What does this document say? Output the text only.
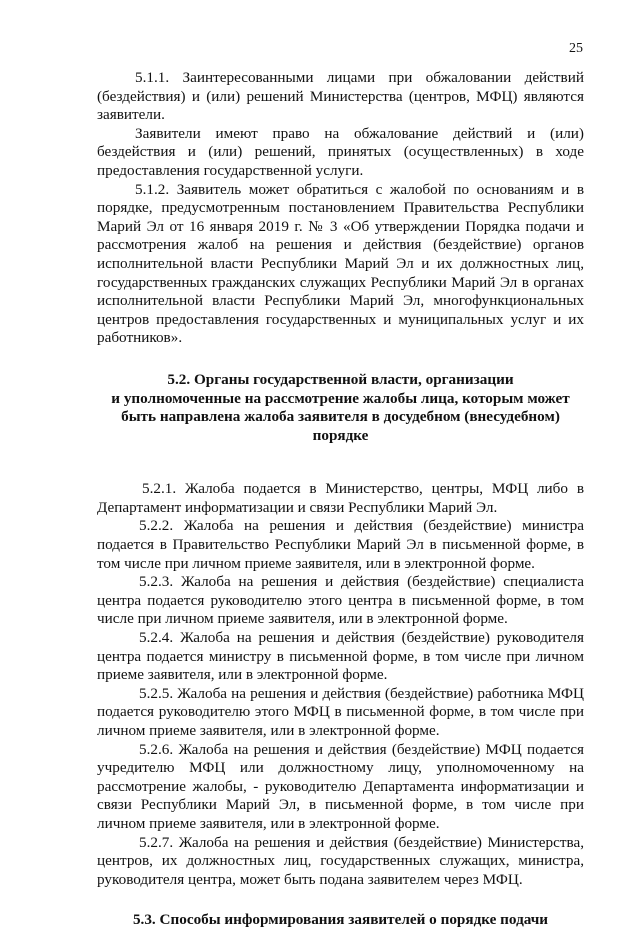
25

5.1.1. Заинтересованными лицами при обжаловании действий (бездействия) и (или) решений Министерства (центров, МФЦ) являются заявители.

Заявители имеют право на обжалование действий и (или) бездействия и (или) решений, принятых (осуществленных) в ходе предоставления государственной услуги.

5.1.2. Заявитель может обратиться с жалобой по основаниям и в порядке, предусмотренным постановлением Правительства Республики Марий Эл от 16 января 2019 г. № 3 «Об утверждении Порядка подачи и рассмотрения жалоб на решения и действия (бездействие) органов исполнительной власти Республики Марий Эл и их должностных лиц, государственных гражданских служащих Республики Марий Эл в органах исполнительной власти Республики Марий Эл, многофункциональных центров предоставления государственных и муниципальных услуг и их работников».

5.2. Органы государственной власти, организации
и уполномоченные на рассмотрение жалобы лица, которым может
быть направлена жалоба заявителя в досудебном (внесудебном)
порядке

5.2.1. Жалоба подается в Министерство, центры, МФЦ либо в Департамент информатизации и связи Республики Марий Эл.

5.2.2. Жалоба на решения и действия (бездействие) министра подается в Правительство Республики Марий Эл в письменной форме, в том числе при личном приеме заявителя, или в электронной форме.

5.2.3. Жалоба на решения и действия (бездействие) специалиста центра подается руководителю этого центра в письменной форме, в том числе при личном приеме заявителя, или в электронной форме.

5.2.4. Жалоба на решения и действия (бездействие) руководителя центра подается министру в письменной форме, в том числе при личном приеме заявителя, или в электронной форме.

5.2.5. Жалоба на решения и действия (бездействие) работника МФЦ подается руководителю этого МФЦ в письменной форме, в том числе при личном приеме заявителя, или в электронной форме.

5.2.6. Жалоба на решения и действия (бездействие) МФЦ подается учредителю МФЦ или должностному лицу, уполномоченному на рассмотрение жалобы, - руководителю Департамента информатизации и связи Республики Марий Эл, в письменной форме, в том числе при личном приеме заявителя, или в электронной форме.

5.2.7. Жалоба на решения и действия (бездействие) Министерства, центров, их должностных лиц, государственных служащих, министра, руководителя центра, может быть подана заявителем через МФЦ.

5.3. Способы информирования заявителей о порядке подачи
